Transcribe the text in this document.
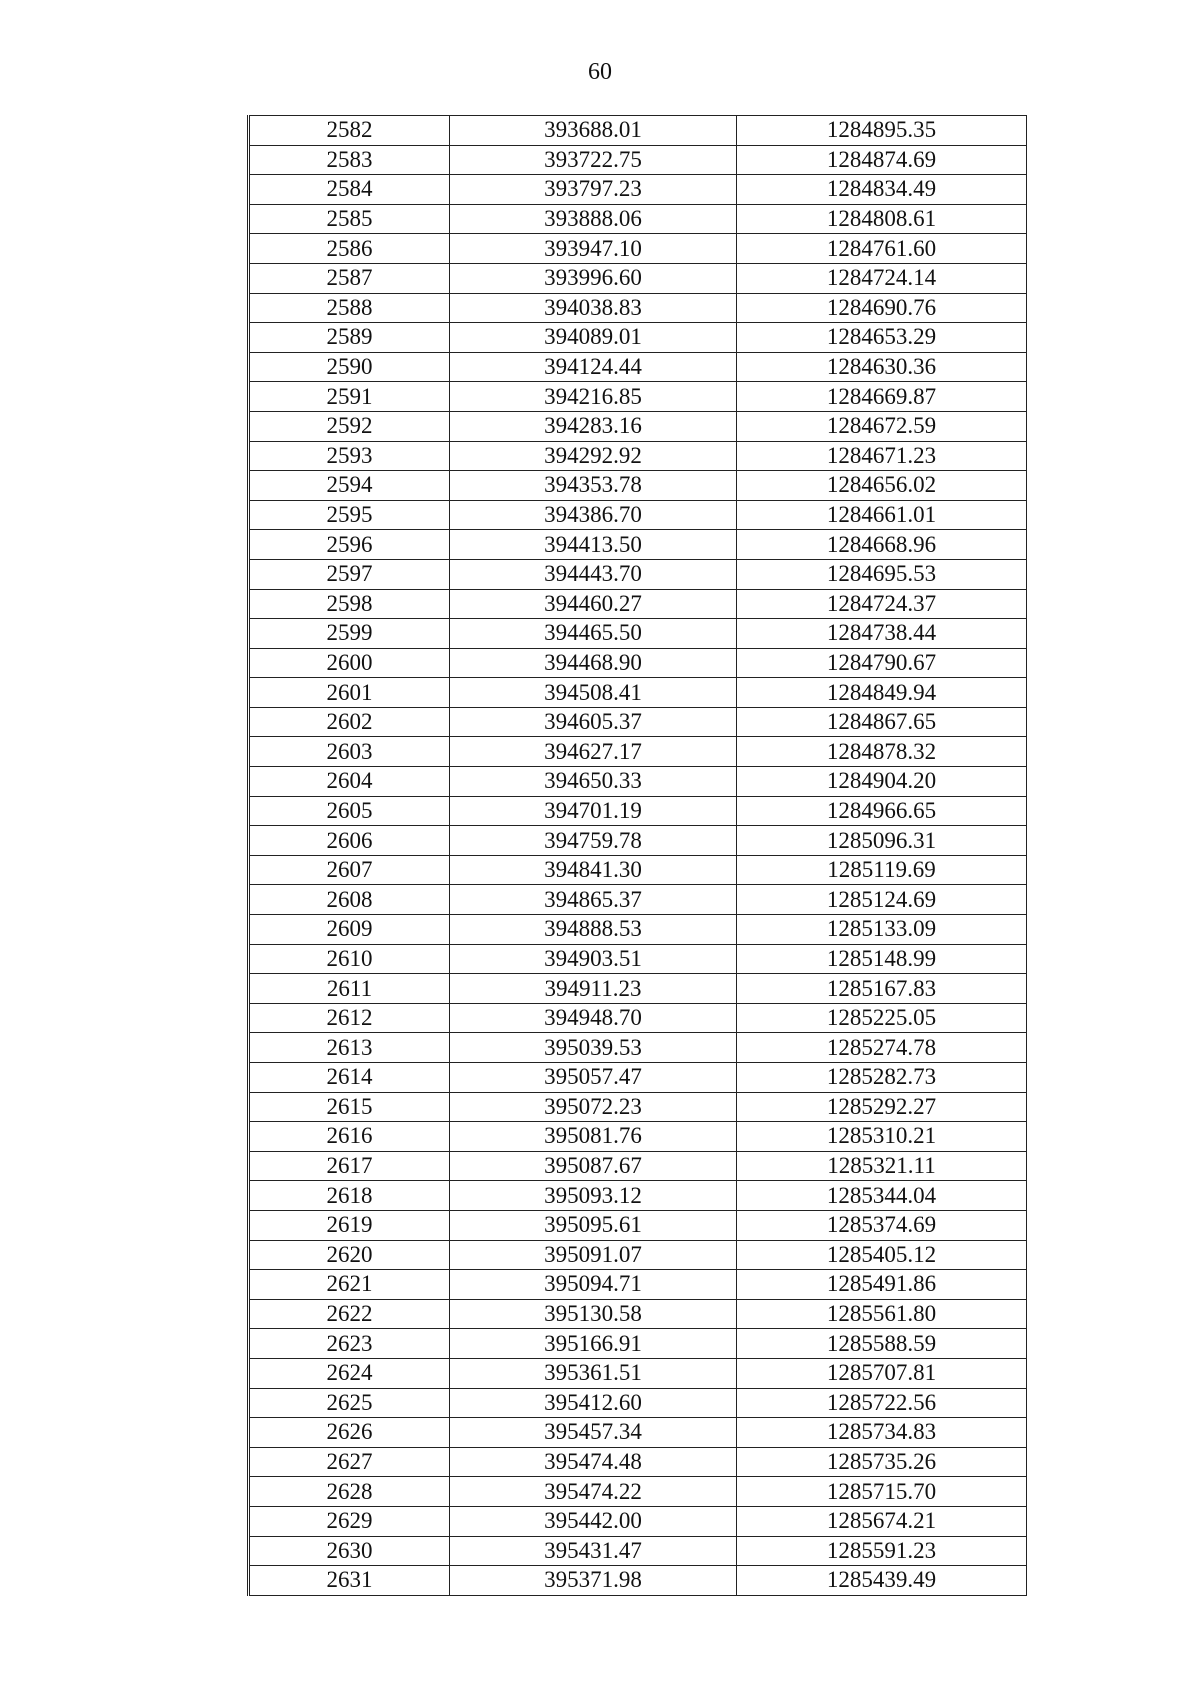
60
2582	393688.01	1284895.35
2583	393722.75	1284874.69
2584	393797.23	1284834.49
2585	393888.06	1284808.61
2586	393947.10	1284761.60
2587	393996.60	1284724.14
2588	394038.83	1284690.76
2589	394089.01	1284653.29
2590	394124.44	1284630.36
2591	394216.85	1284669.87
2592	394283.16	1284672.59
2593	394292.92	1284671.23
2594	394353.78	1284656.02
2595	394386.70	1284661.01
2596	394413.50	1284668.96
2597	394443.70	1284695.53
2598	394460.27	1284724.37
2599	394465.50	1284738.44
2600	394468.90	1284790.67
2601	394508.41	1284849.94
2602	394605.37	1284867.65
2603	394627.17	1284878.32
2604	394650.33	1284904.20
2605	394701.19	1284966.65
2606	394759.78	1285096.31
2607	394841.30	1285119.69
2608	394865.37	1285124.69
2609	394888.53	1285133.09
2610	394903.51	1285148.99
2611	394911.23	1285167.83
2612	394948.70	1285225.05
2613	395039.53	1285274.78
2614	395057.47	1285282.73
2615	395072.23	1285292.27
2616	395081.76	1285310.21
2617	395087.67	1285321.11
2618	395093.12	1285344.04
2619	395095.61	1285374.69
2620	395091.07	1285405.12
2621	395094.71	1285491.86
2622	395130.58	1285561.80
2623	395166.91	1285588.59
2624	395361.51	1285707.81
2625	395412.60	1285722.56
2626	395457.34	1285734.83
2627	395474.48	1285735.26
2628	395474.22	1285715.70
2629	395442.00	1285674.21
2630	395431.47	1285591.23
2631	395371.98	1285439.49
